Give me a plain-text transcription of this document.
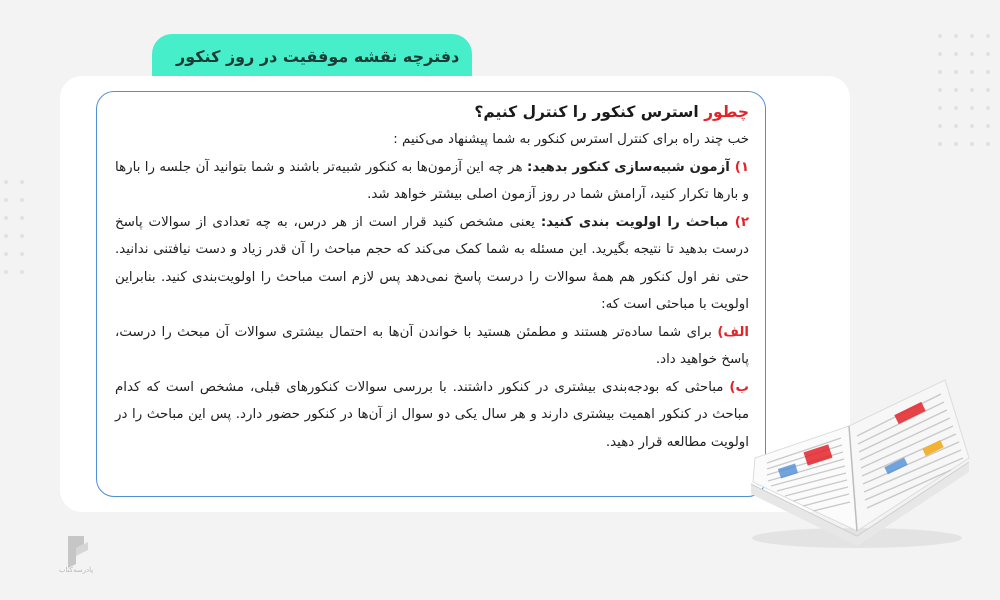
دفترچه نقشه موفقیت در روز کنکور

چطور استرس کنکور را کنترل کنیم؟

خب چند راه برای کنترل استرس کنکور به شما پیشنهاد می‌کنیم :

۱) آزمون شبیه‌سازی کنکور بدهید: هر چه این آزمون‌ها به کنکور شبیه‌تر باشند و شما بتوانید آن جلسه را بارها و بارها تکرار کنید، آرامش شما در روز آزمون اصلی بیشتر خواهد شد.

۲) مباحث را اولویت بندی کنید: یعنی مشخص کنید قرار است از هر درس، به چه تعدادی از سوالات پاسخ درست بدهید تا نتیجه بگیرید. این مسئله به شما کمک می‌کند که حجم مباحث را آن قدر زیاد و دست نیافتنی ندانید. حتی نفر اول کنکور هم همهٔ سوالات را درست پاسخ نمی‌دهد پس لازم است مباحث را اولویت‌بندی کنید. بنابراین اولویت با مباحثی است که:

الف) برای شما ساده‌تر هستند و مطمئن هستید با خواندن آن‌ها به احتمال بیشتری سوالات آن مبحث را درست، پاسخ خواهید داد.

ب) مباحثی که بودجه‌بندی بیشتری در کنکور داشتند. با بررسی سوالات کنکورهای قبلی، مشخص است که کدام مباحث در کنکور اهمیت بیشتری دارند و هر سال یکی دو سوال از آن‌ها در کنکور حضور دارد. پس این مباحث را در اولویت مطالعه قرار دهید.

پادرسه‌کتاب
